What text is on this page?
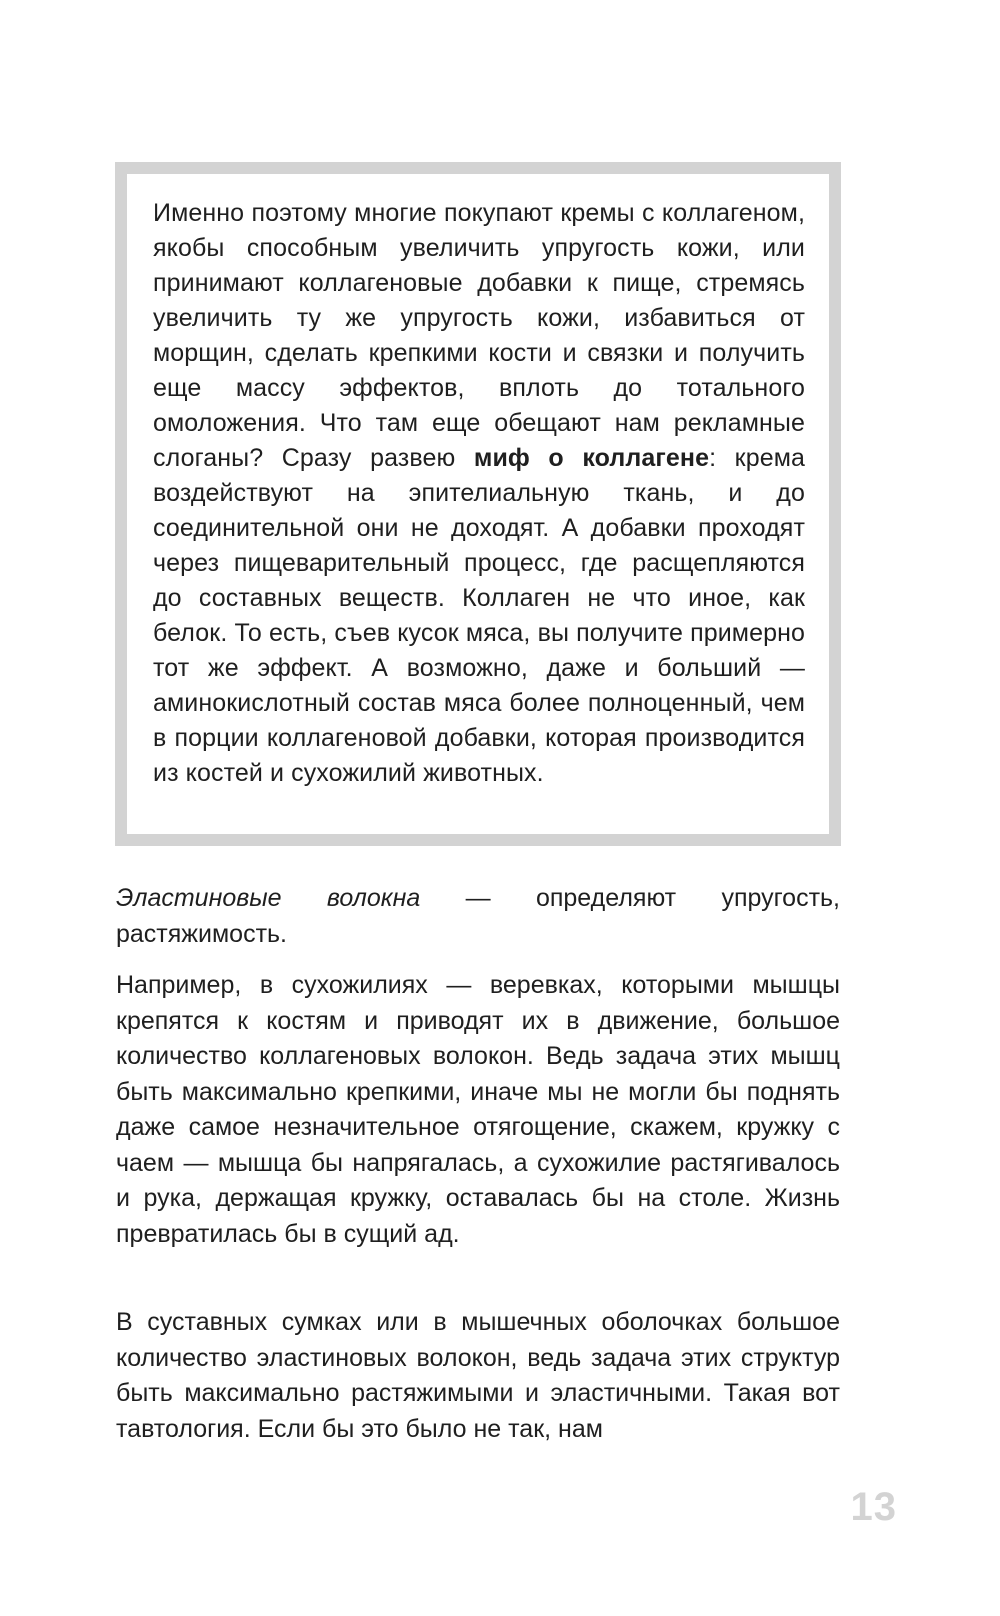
Именно поэтому многие покупают кремы с коллагеном, якобы способным увеличить упругость кожи, или принимают коллагеновые добавки к пище, стремясь увеличить ту же упругость кожи, избавиться от морщин, сделать крепкими кости и связки и получить еще массу эффектов, вплоть до тотального омоложения. Что там еще обещают нам рекламные слоганы? Сразу развею миф о коллагене: крема воздействуют на эпителиальную ткань, и до соединительной они не доходят. А добавки проходят через пищеварительный процесс, где расщепляются до составных веществ. Коллаген не что иное, как белок. То есть, съев кусок мяса, вы получите примерно тот же эффект. А возможно, даже и больший — аминокислотный состав мяса более полноценный, чем в порции коллагеновой добавки, которая производится из костей и сухожилий животных.

Эластиновые волокна — определяют упругость, растяжимость.

Например, в сухожилиях — веревках, которыми мышцы крепятся к костям и приводят их в движение, большое количество коллагеновых волокон. Ведь задача этих мышц быть максимально крепкими, иначе мы не могли бы поднять даже самое незначительное отягощение, скажем, кружку с чаем — мышца бы напрягалась, а сухожилие растягивалось и рука, держащая кружку, оставалась бы на столе. Жизнь превратилась бы в сущий ад.

В суставных сумках или в мышечных оболочках большое количество эластиновых волокон, ведь задача этих структур быть максимально растяжимыми и эластичными. Такая вот тавтология. Если бы это было не так, нам

13
